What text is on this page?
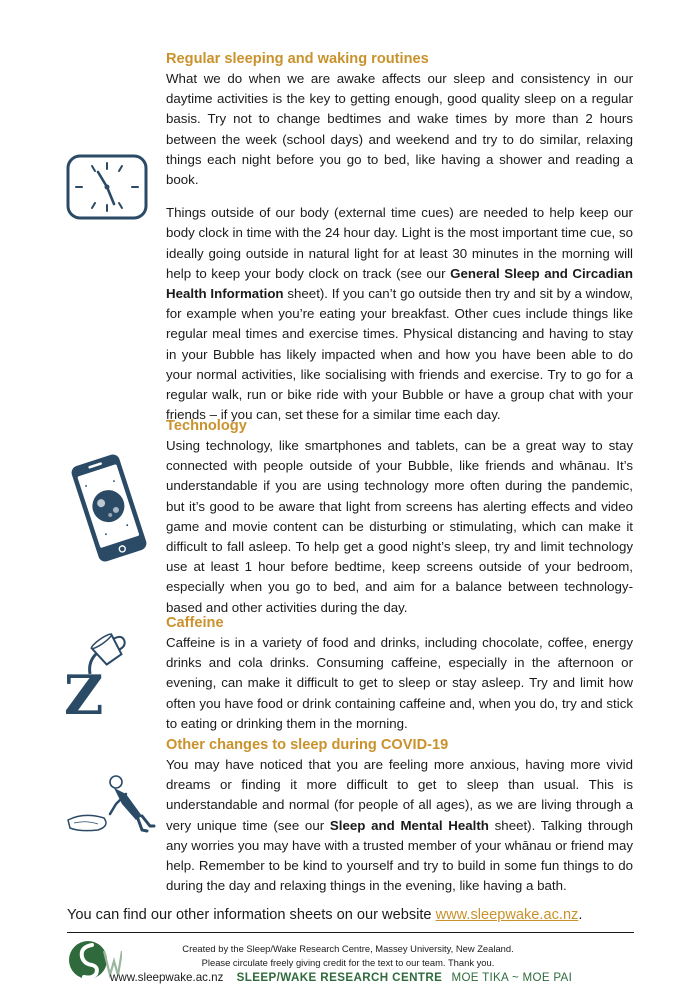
Z
Regular sleeping and waking routines

What we do when we are awake affects our sleep and consistency in our daytime activities is the key to getting enough, good quality sleep on a regular basis. Try not to change bedtimes and wake times by more than 2 hours between the week (school days) and weekend and try to do similar, relaxing things each night before you go to bed, like having a shower and reading a book.

Things outside of our body (external time cues) are needed to help keep our body clock in time with the 24 hour day. Light is the most important time cue, so ideally going outside in natural light for at least 30 minutes in the morning will help to keep your body clock on track (see our General Sleep and Circadian Health Information sheet). If you can’t go outside then try and sit by a window, for example when you’re eating your breakfast. Other cues include things like regular meal times and exercise times. Physical distancing and having to stay in your Bubble has likely impacted when and how you have been able to do your normal activities, like socialising with friends and exercise. Try to go for a regular walk, run or bike ride with your Bubble or have a group chat with your friends – if you can, set these for a similar time each day.

Technology

Using technology, like smartphones and tablets, can be a great way to stay connected with people outside of your Bubble, like friends and whānau. It’s understandable if you are using technology more often during the pandemic, but it’s good to be aware that light from screens has alerting effects and video game and movie content can be disturbing or stimulating, which can make it difficult to fall asleep. To help get a good night’s sleep, try and limit technology use at least 1 hour before bedtime, keep screens outside of your bedroom, especially when you go to bed, and aim for a balance between technology-based and other activities during the day.

Caffeine

Caffeine is in a variety of food and drinks, including chocolate, coffee, energy drinks and cola drinks. Consuming caffeine, especially in the afternoon or evening, can make it difficult to get to sleep or stay asleep. Try and limit how often you have food or drink containing caffeine and, when you do, try and stick to eating or drinking them in the morning.

Other changes to sleep during COVID-19

You may have noticed that you are feeling more anxious, having more vivid dreams or finding it more difficult to get to sleep than usual. This is understandable and normal (for people of all ages), as we are living through a very unique time (see our Sleep and Mental Health sheet). Talking through any worries you may have with a trusted member of your whānau or friend may help. Remember to be kind to yourself and try to build in some fun things to do during the day and relaxing things in the evening, like having a bath.

You can find our other information sheets on our website www.sleepwake.ac.nz.
Created by the Sleep/Wake Research Centre, Massey University, New Zealand.
Please circulate freely giving credit for the text to our team. Thank you.
www.sleepwake.ac.nz SLEEP/WAKE RESEARCH CENTRE MOE TIKA ~ MOE PAI
